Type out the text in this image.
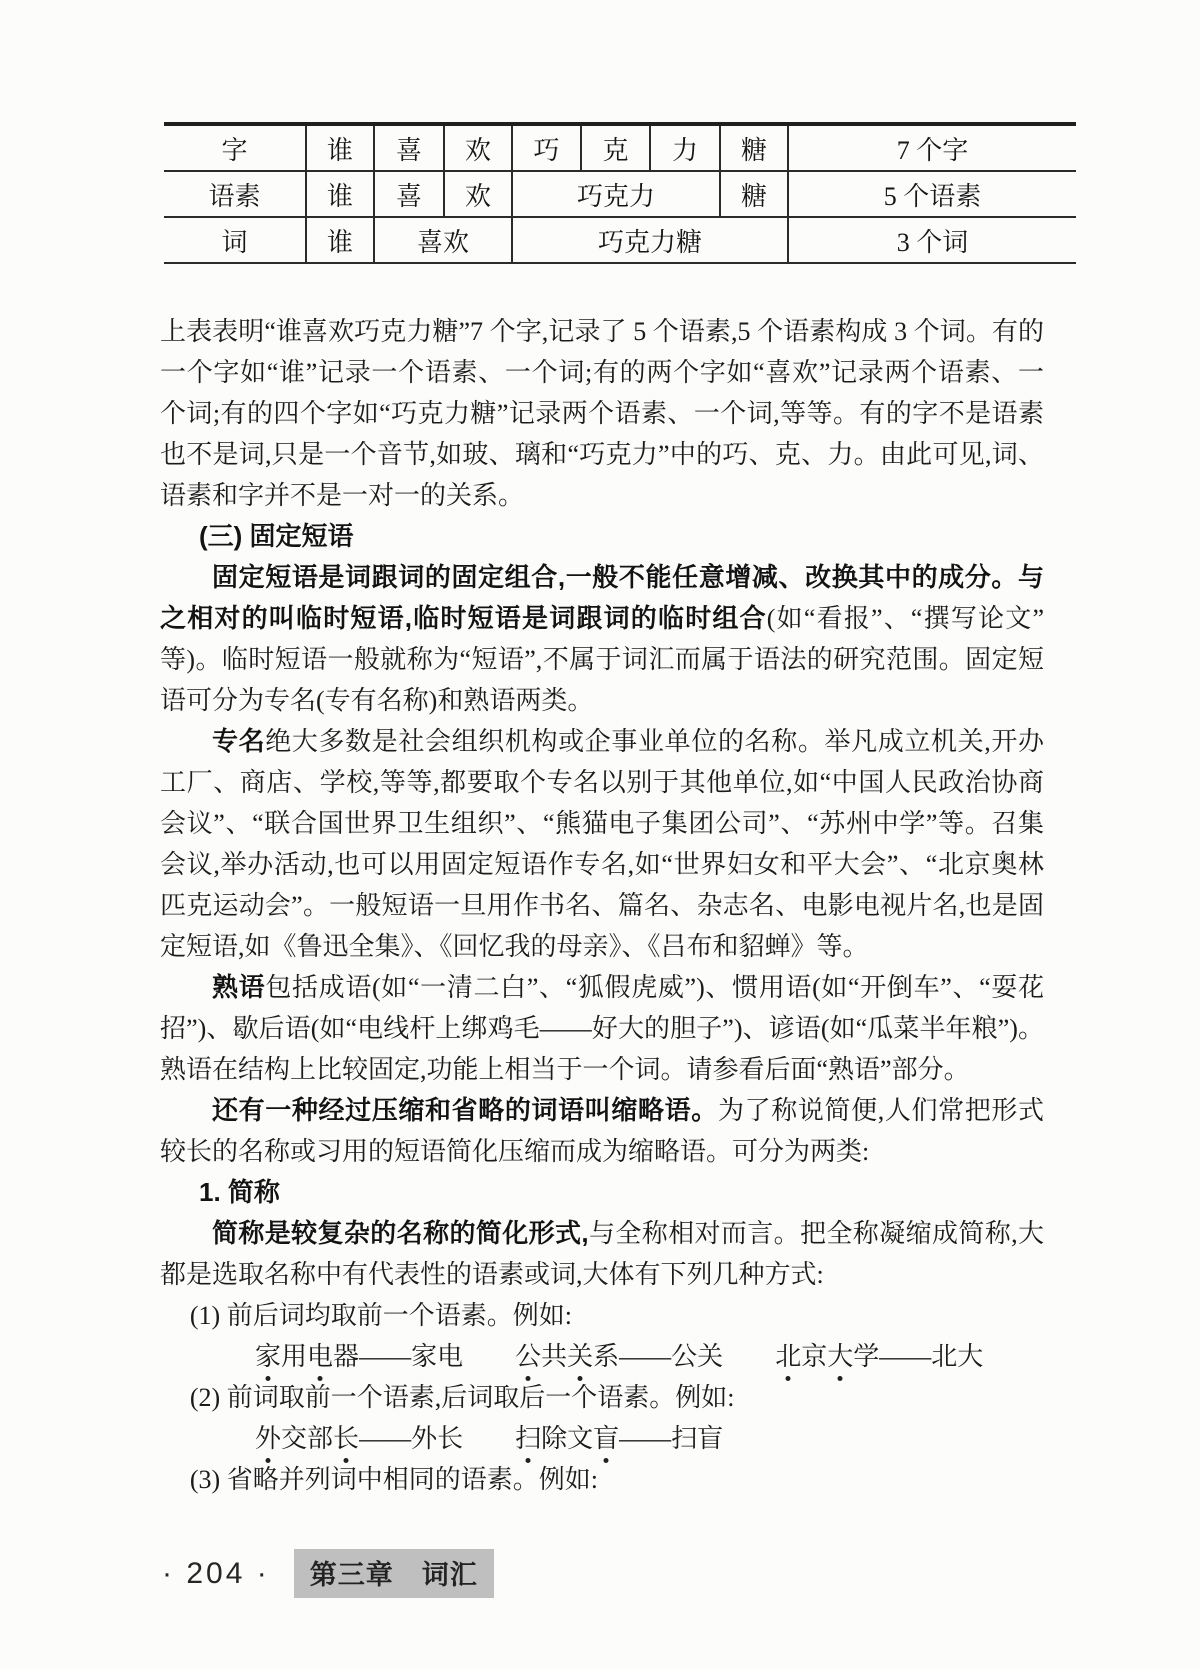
字	谁	喜	欢	巧	克	力	糖	7 个字
语素	谁	喜	欢	巧克力			糖	5 个语素
词	谁	喜欢		巧克力糖				3 个词

上表表明“谁喜欢巧克力糖”7 个字,记录了 5 个语素,5 个语素构成 3 个词。有的一个字如“谁”记录一个语素、一个词;有的两个字如“喜欢”记录两个语素、一个词;有的四个字如“巧克力糖”记录两个语素、一个词,等等。有的字不是语素也不是词,只是一个音节,如玻、璃和“巧克力”中的巧、克、力。由此可见,词、语素和字并不是一对一的关系。

(三) 固定短语

固定短语是词跟词的固定组合,一般不能任意增减、改换其中的成分。与之相对的叫临时短语,临时短语是词跟词的临时组合(如“看报”、“撰写论文”等)。临时短语一般就称为“短语”,不属于词汇而属于语法的研究范围。固定短语可分为专名(专有名称)和熟语两类。

专名绝大多数是社会组织机构或企事业单位的名称。举凡成立机关,开办工厂、商店、学校,等等,都要取个专名以别于其他单位,如“中国人民政治协商会议”、“联合国世界卫生组织”、“熊猫电子集团公司”、“苏州中学”等。召集会议,举办活动,也可以用固定短语作专名,如“世界妇女和平大会”、“北京奥林匹克运动会”。一般短语一旦用作书名、篇名、杂志名、电影电视片名,也是固定短语,如《鲁迅全集》、《回忆我的母亲》、《吕布和貂蝉》等。

熟语包括成语(如“一清二白”、“狐假虎威”)、惯用语(如“开倒车”、“耍花招”)、歇后语(如“电线杆上绑鸡毛——好大的胆子”)、谚语(如“瓜菜半年粮”)。熟语在结构上比较固定,功能上相当于一个词。请参看后面“熟语”部分。

还有一种经过压缩和省略的词语叫缩略语。为了称说简便,人们常把形式较长的名称或习用的短语简化压缩而成为缩略语。可分为两类:

1. 简称

简称是较复杂的名称的简化形式,与全称相对而言。把全称凝缩成简称,大都是选取名称中有代表性的语素或词,大体有下列几种方式:

(1) 前后词均取前一个语素。例如:

家用电器——家电 公共关系——公关 北京大学——北大

(2) 前词取前一个语素,后词取后一个语素。例如:

外交部长——外长 扫除文盲——扫盲

(3) 省略并列词中相同的语素。例如:

· 204 ·	第三章　词汇
